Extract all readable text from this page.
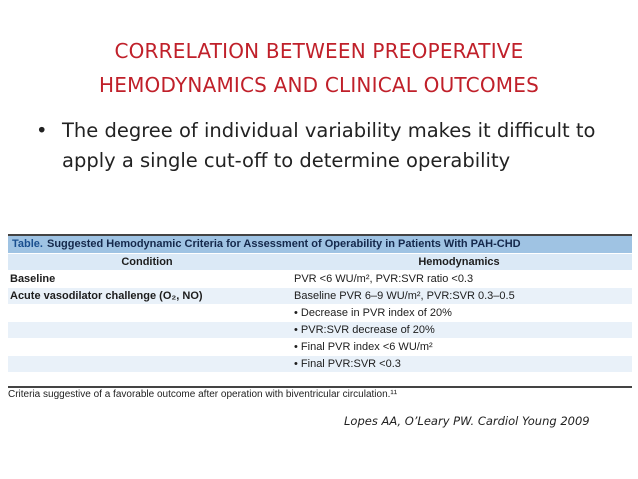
CORRELATION BETWEEN PREOPERATIVE
HEMODYNAMICS AND CLINICAL OUTCOMES
• The degree of individual variability makes it difficult to apply a single cut-off to determine operability
Table. Suggested Hemodynamic Criteria for Assessment of Operability in Patients With PAH-CHD
Condition	Hemodynamics
Baseline	PVR <6 WU/m², PVR:SVR ratio <0.3
Acute vasodilator challenge (O₂, NO)	Baseline PVR 6–9 WU/m², PVR:SVR 0.3–0.5
• Decrease in PVR index of 20%
• PVR:SVR decrease of 20%
• Final PVR index <6 WU/m²
• Final PVR:SVR <0.3
Criteria suggestive of a favorable outcome after operation with biventricular circulation.¹¹
Lopes AA, O’Leary PW. Cardiol Young 2009
